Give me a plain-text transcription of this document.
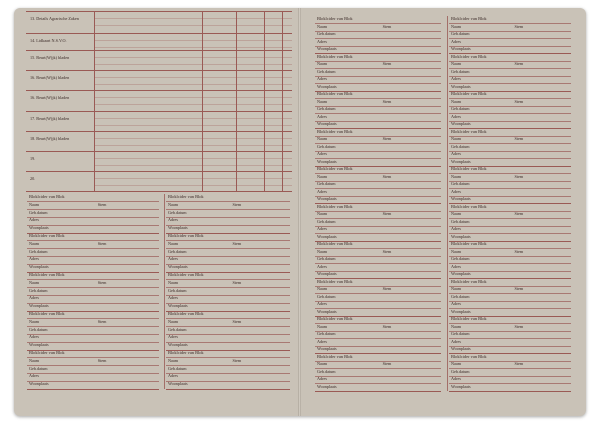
13. Details Agrarische Zaken
14. Lidkaart N.S.V.O.
15. Beurt(W)jk) bladen
16. Beurt(W)jk) bladen
16. Beurt(W)jk) bladen
17. Beurt(W)jk) bladen
18. Beurt(W)jk) bladen
19.
20.
Bloklcider van Blok
Naam	Stem
Geb.datum
Adres
Woonplaats
Bloklcider van Blok
Naam	Stem
Geb.datum
Adres
Woonplaats
Bloklcider van Blok
Naam	Stem
Geb.datum
Adres
Woonplaats
Bloklcider van Blok
Naam	Stem
Geb.datum
Adres
Woonplaats
Bloklcider van Blok
Naam	Stem
Geb.datum
Adres
Woonplaats
Bloklcider van Blok
Naam	Stem
Geb.datum
Adres
Woonplaats
Bloklcider van Blok
Naam	Stem
Geb.datum
Adres
Woonplaats
Bloklcider van Blok
Naam	Stem
Geb.datum
Adres
Woonplaats
Bloklcider van Blok
Naam	Stem
Geb.datum
Adres
Woonplaats
Bloklcider van Blok
Naam	Stem
Geb.datum
Adres
Woonplaats
Bloklcider van Blok
Naam	Stem
Geb.datum
Adres
Woonplaats
Bloklcider van Blok
Naam	Stem
Geb.datum
Adres
Woonplaats
Bloklcider van Blok
Naam	Stem
Geb.datum
Adres
Woonplaats
Bloklcider van Blok
Naam	Stem
Geb.datum
Adres
Woonplaats
Bloklcider van Blok
Naam	Stem
Geb.datum
Adres
Woonplaats
Bloklcider van Blok
Naam	Stem
Geb.datum
Adres
Woonplaats
Bloklcider van Blok
Naam	Stem
Geb.datum
Adres
Woonplaats
Bloklcider van Blok
Naam	Stem
Geb.datum
Adres
Woonplaats
Bloklcider van Blok
Naam	Stem
Geb.datum
Adres
Woonplaats
Bloklcider van Blok
Naam	Stem
Geb.datum
Adres
Woonplaats
Bloklcider van Blok
Naam	Stem
Geb.datum
Adres
Woonplaats
Bloklcider van Blok
Naam	Stem
Geb.datum
Adres
Woonplaats
Bloklcider van Blok
Naam	Stem
Geb.datum
Adres
Woonplaats
Bloklcider van Blok
Naam	Stem
Geb.datum
Adres
Woonplaats
Bloklcider van Blok
Naam	Stem
Geb.datum
Adres
Woonplaats
Bloklcider van Blok
Naam	Stem
Geb.datum
Adres
Woonplaats
Bloklcider van Blok
Naam	Stem
Geb.datum
Adres
Woonplaats
Bloklcider van Blok
Naam	Stem
Geb.datum
Adres
Woonplaats
Bloklcider van Blok
Naam	Stem
Geb.datum
Adres
Woonplaats
Bloklcider van Blok
Naam	Stem
Geb.datum
Adres
Woonplaats
